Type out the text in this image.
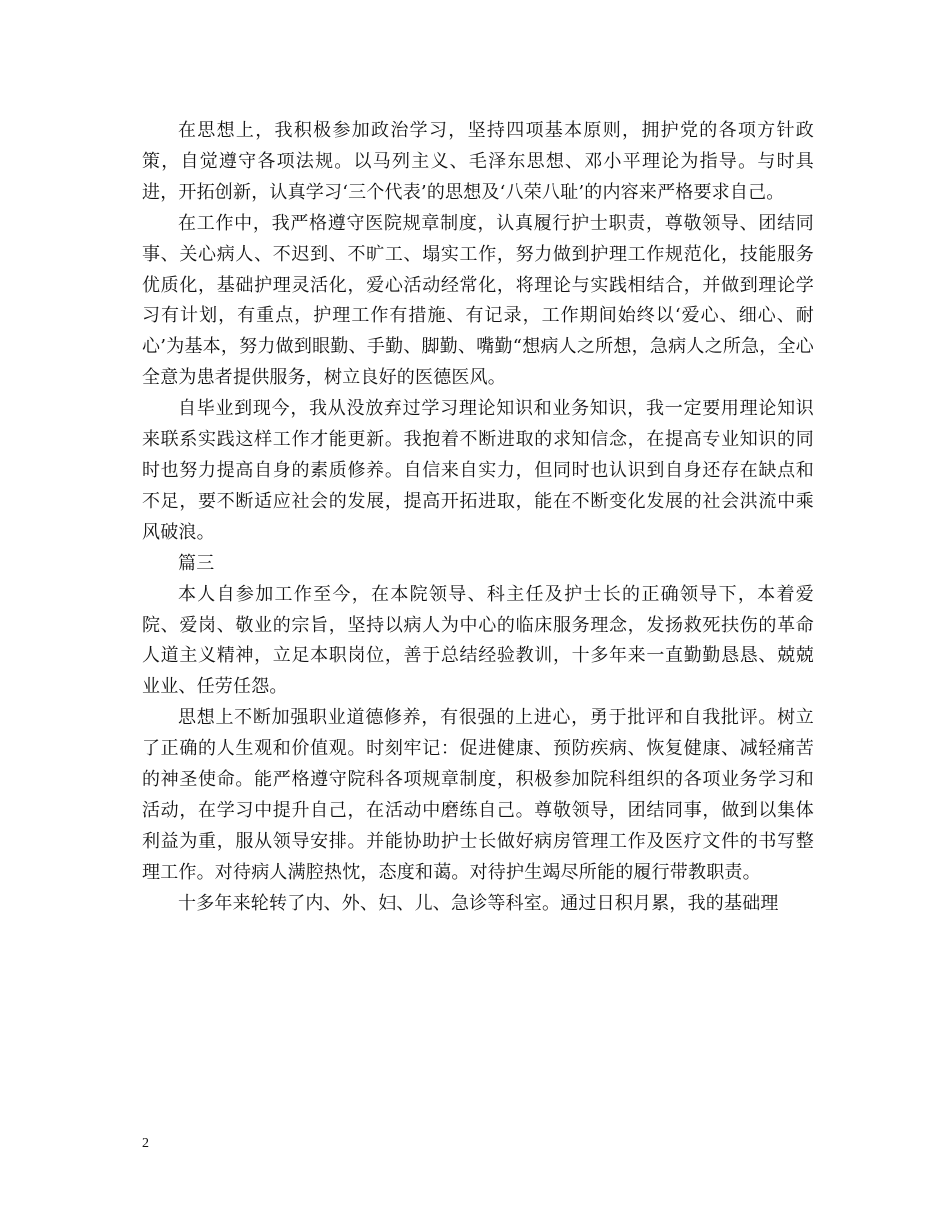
在思想上，我积极参加政治学习，坚持四项基本原则，拥护党的各项方针政策，自觉遵守各项法规。以马列主义、毛泽东思想、邓小平理论为指导。与时具进，开拓创新，认真学习‘三个代表’的思想及‘八荣八耻’的内容来严格要求自己。

在工作中，我严格遵守医院规章制度，认真履行护士职责，尊敬领导、团结同事、关心病人、不迟到、不旷工、塌实工作，努力做到护理工作规范化，技能服务优质化，基础护理灵活化，爱心活动经常化，将理论与实践相结合，并做到理论学习有计划，有重点，护理工作有措施、有记录，工作期间始终以‘爱心、细心、耐心’为基本，努力做到眼勤、手勤、脚勤、嘴勤“想病人之所想，急病人之所急，全心全意为患者提供服务，树立良好的医德医风。

自毕业到现今，我从没放弃过学习理论知识和业务知识，我一定要用理论知识来联系实践这样工作才能更新。我抱着不断进取的求知信念，在提高专业知识的同时也努力提高自身的素质修养。自信来自实力，但同时也认识到自身还存在缺点和不足，要不断适应社会的发展，提高开拓进取，能在不断变化发展的社会洪流中乘风破浪。

篇三

本人自参加工作至今，在本院领导、科主任及护士长的正确领导下，本着爱院、爱岗、敬业的宗旨，坚持以病人为中心的临床服务理念，发扬救死扶伤的革命人道主义精神，立足本职岗位，善于总结经验教训，十多年来一直勤勤恳恳、兢兢业业、任劳任怨。

思想上不断加强职业道德修养，有很强的上进心，勇于批评和自我批评。树立了正确的人生观和价值观。时刻牢记：促进健康、预防疾病、恢复健康、减轻痛苦的神圣使命。能严格遵守院科各项规章制度，积极参加院科组织的各项业务学习和活动，在学习中提升自己，在活动中磨练自己。尊敬领导，团结同事，做到以集体利益为重，服从领导安排。并能协助护士长做好病房管理工作及医疗文件的书写整理工作。对待病人满腔热忱，态度和蔼。对待护生竭尽所能的履行带教职责。

十多年来轮转了内、外、妇、儿、急诊等科室。通过日积月累，我的基础理

2
